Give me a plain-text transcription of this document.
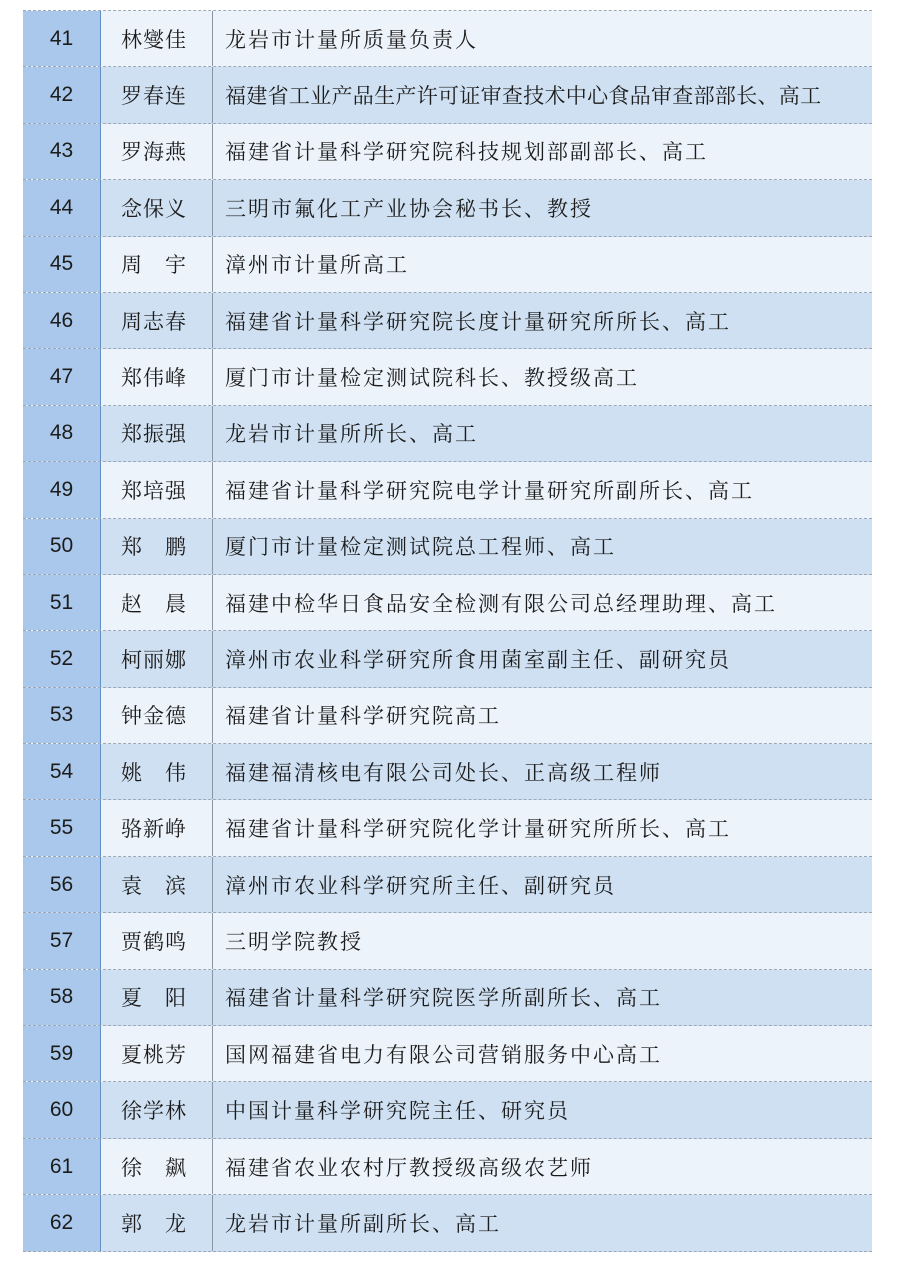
41	林燮佳	龙岩市计量所质量负责人
42	罗春连	福建省工业产品生产许可证审查技术中心食品审查部部长、高工
43	罗海燕	福建省计量科学研究院科技规划部副部长、高工
44	念保义	三明市氟化工产业协会秘书长、教授
45	周　宇	漳州市计量所高工
46	周志春	福建省计量科学研究院长度计量研究所所长、高工
47	郑伟峰	厦门市计量检定测试院科长、教授级高工
48	郑振强	龙岩市计量所所长、高工
49	郑培强	福建省计量科学研究院电学计量研究所副所长、高工
50	郑　鹏	厦门市计量检定测试院总工程师、高工
51	赵　晨	福建中检华日食品安全检测有限公司总经理助理、高工
52	柯丽娜	漳州市农业科学研究所食用菌室副主任、副研究员
53	钟金德	福建省计量科学研究院高工
54	姚　伟	福建福清核电有限公司处长、正高级工程师
55	骆新峥	福建省计量科学研究院化学计量研究所所长、高工
56	袁　滨	漳州市农业科学研究所主任、副研究员
57	贾鹤鸣	三明学院教授
58	夏　阳	福建省计量科学研究院医学所副所长、高工
59	夏桃芳	国网福建省电力有限公司营销服务中心高工
60	徐学林	中国计量科学研究院主任、研究员
61	徐　飙	福建省农业农村厅教授级高级农艺师
62	郭　龙	龙岩市计量所副所长、高工
